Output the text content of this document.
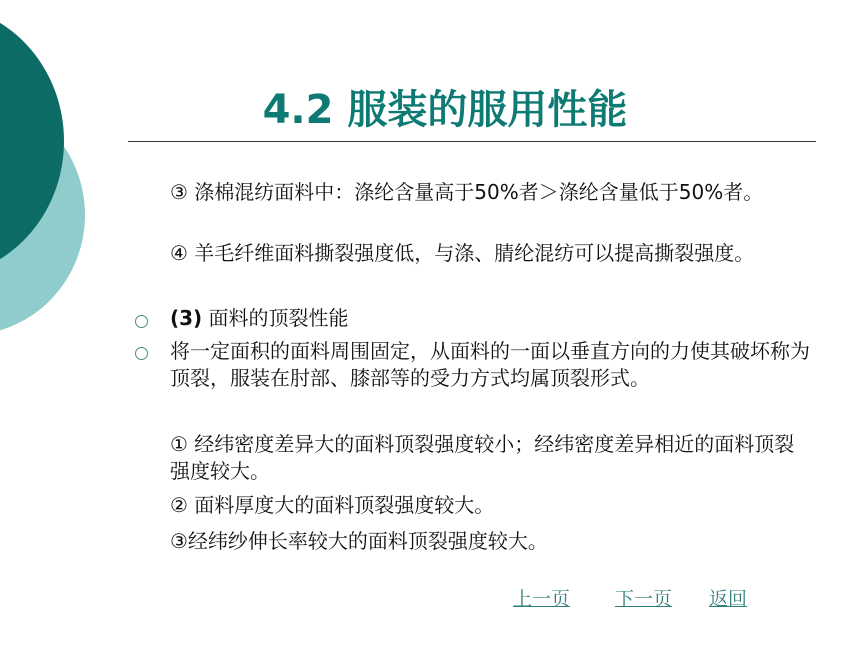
4.2 服装的服用性能

③ 涤棉混纺面料中：涤纶含量高于50%者＞涤纶含量低于50%者。

④ 羊毛纤维面料撕裂强度低，与涤、腈纶混纺可以提高撕裂强度。

(3) 面料的顶裂性能

将一定面积的面料周围固定，从面料的一面以垂直方向的力使其破坏称为顶裂，服装在肘部、膝部等的受力方式均属顶裂形式。

① 经纬密度差异大的面料顶裂强度较小；经纬密度差异相近的面料顶裂强度较大。

② 面料厚度大的面料顶裂强度较大。

③经纬纱伸长率较大的面料顶裂强度较大。

上一页 下一页 返回
